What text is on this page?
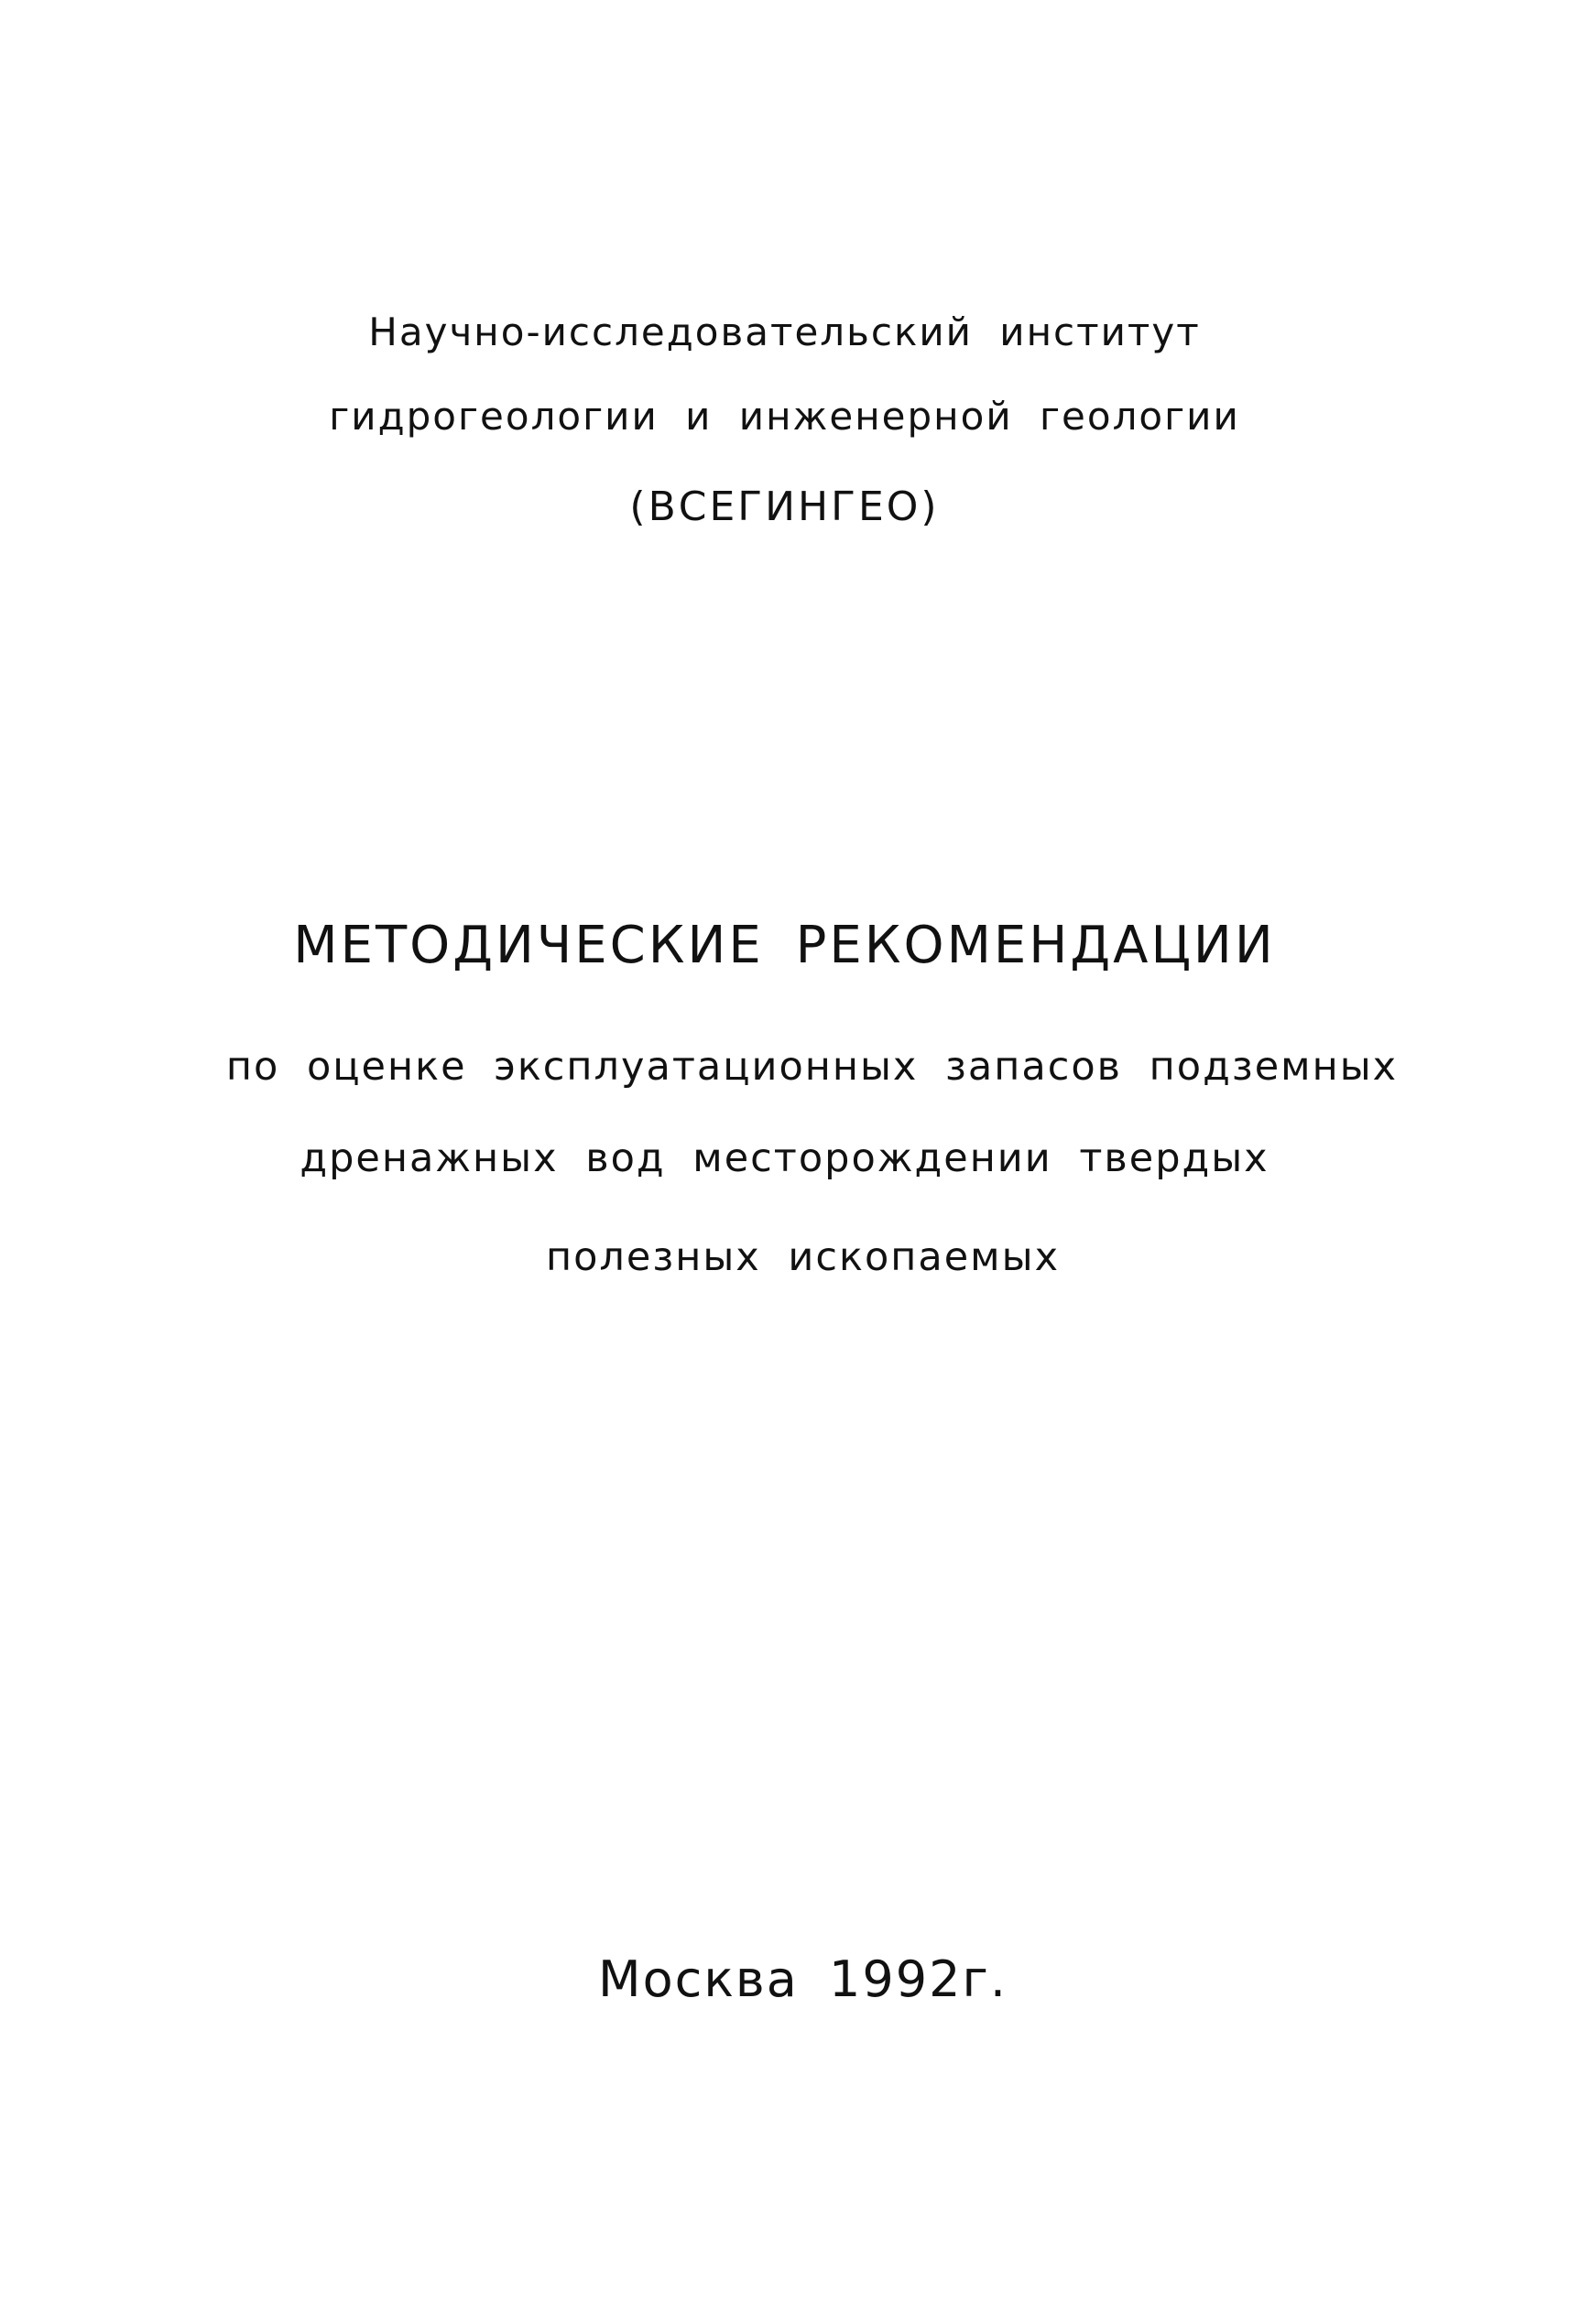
Научно-исследовательский институт
гидрогеологии и инженерной геологии
(ВСЕГИНГЕО)
МЕТОДИЧЕСКИЕ РЕКОМЕНДАЦИИ
по оценке эксплуатационных запасов подземных
дренажных вод месторождении твердых
полезных ископаемых
Москва 1992г.
